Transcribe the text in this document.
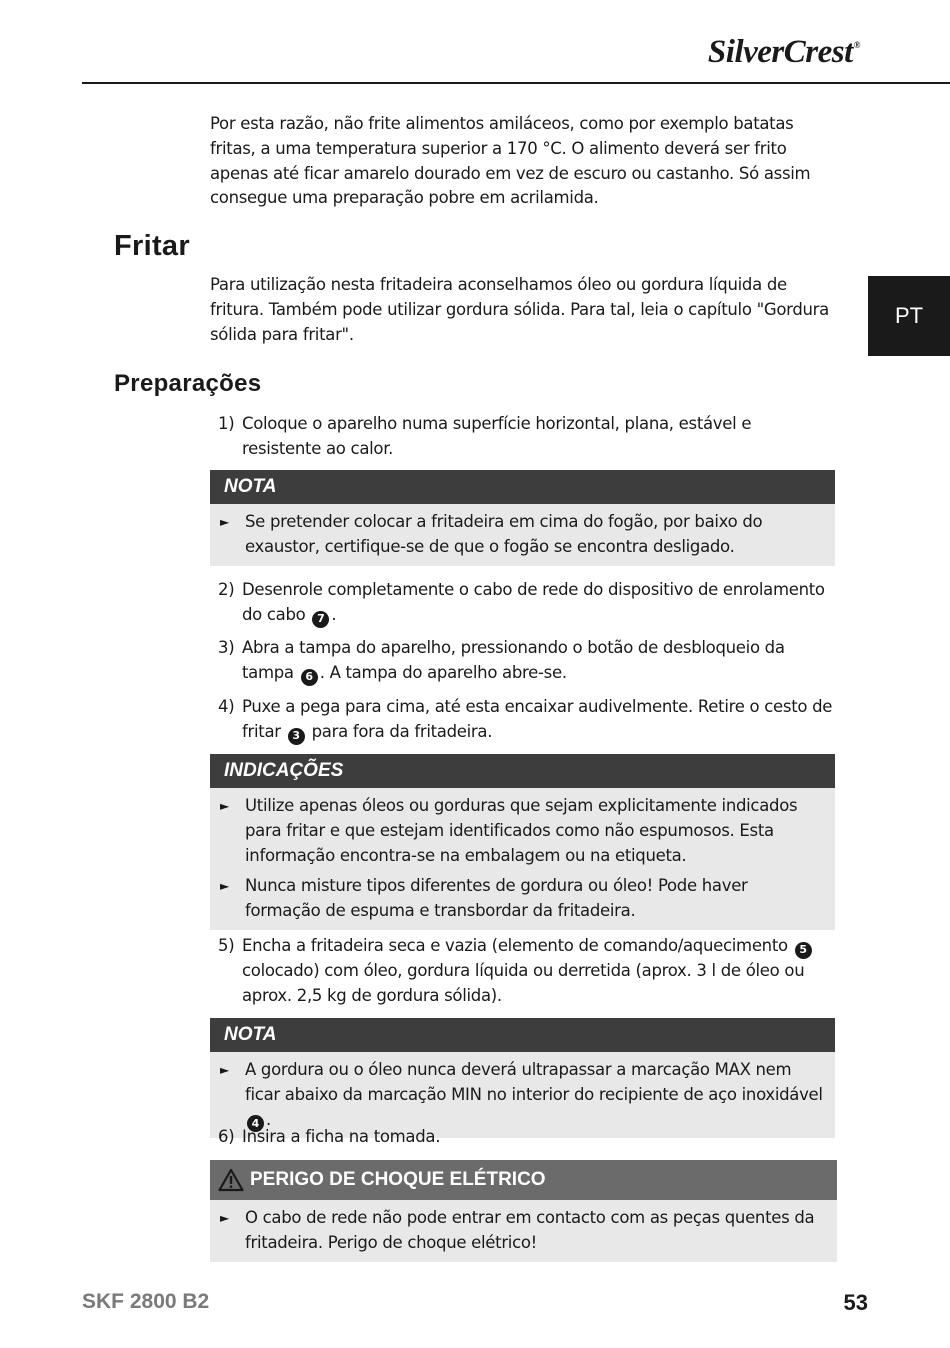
SilverCrest®
PT

Por esta razão, não frite alimentos amiláceos, como por exemplo batatas fritas, a uma temperatura superior a 170 °C. O alimento deverá ser frito apenas até ficar amarelo dourado em vez de escuro ou castanho. Só assim consegue uma preparação pobre em acrilamida.

Fritar

Para utilização nesta fritadeira aconselhamos óleo ou gordura líquida de fritura. Também pode utilizar gordura sólida. Para tal, leia o capítulo "Gordura sólida para fritar".

Preparações
1) Coloque o aparelho numa superfície horizontal, plana, estável e resistente ao calor.
NOTA
► Se pretender colocar a fritadeira em cima do fogão, por baixo do exaustor, certifique-se de que o fogão se encontra desligado.
2) Desenrole completamente o cabo de rede do dispositivo de enrolamento do cabo 7 .
3) Abra a tampa do aparelho, pressionando o botão de desbloqueio da tampa 6 . A tampa do aparelho abre-se.
4) Puxe a pega para cima, até esta encaixar audivelmente. Retire o cesto de fritar 3 para fora da fritadeira.
INDICAÇÕES
► Utilize apenas óleos ou gorduras que sejam explicitamente indicados para fritar e que estejam identificados como não espumosos. Esta informação encontra-se na embalagem ou na etiqueta.
► Nunca misture tipos diferentes de gordura ou óleo! Pode haver formação de espuma e transbordar da fritadeira.
5) Encha a fritadeira seca e vazia (elemento de comando/aquecimento 5 colocado) com óleo, gordura líquida ou derretida (aprox. 3 l de óleo ou aprox. 2,5 kg de gordura sólida).
NOTA
► A gordura ou o óleo nunca deverá ultrapassar a marcação MAX nem ficar abaixo da marcação MIN no interior do recipiente de aço inoxidável 4 .
6) Insira a ficha na tomada.
PERIGO DE CHOQUE ELÉTRICO
► O cabo de rede não pode entrar em contacto com as peças quentes da fritadeira. Perigo de choque elétrico!
SKF 2800 B2	53
